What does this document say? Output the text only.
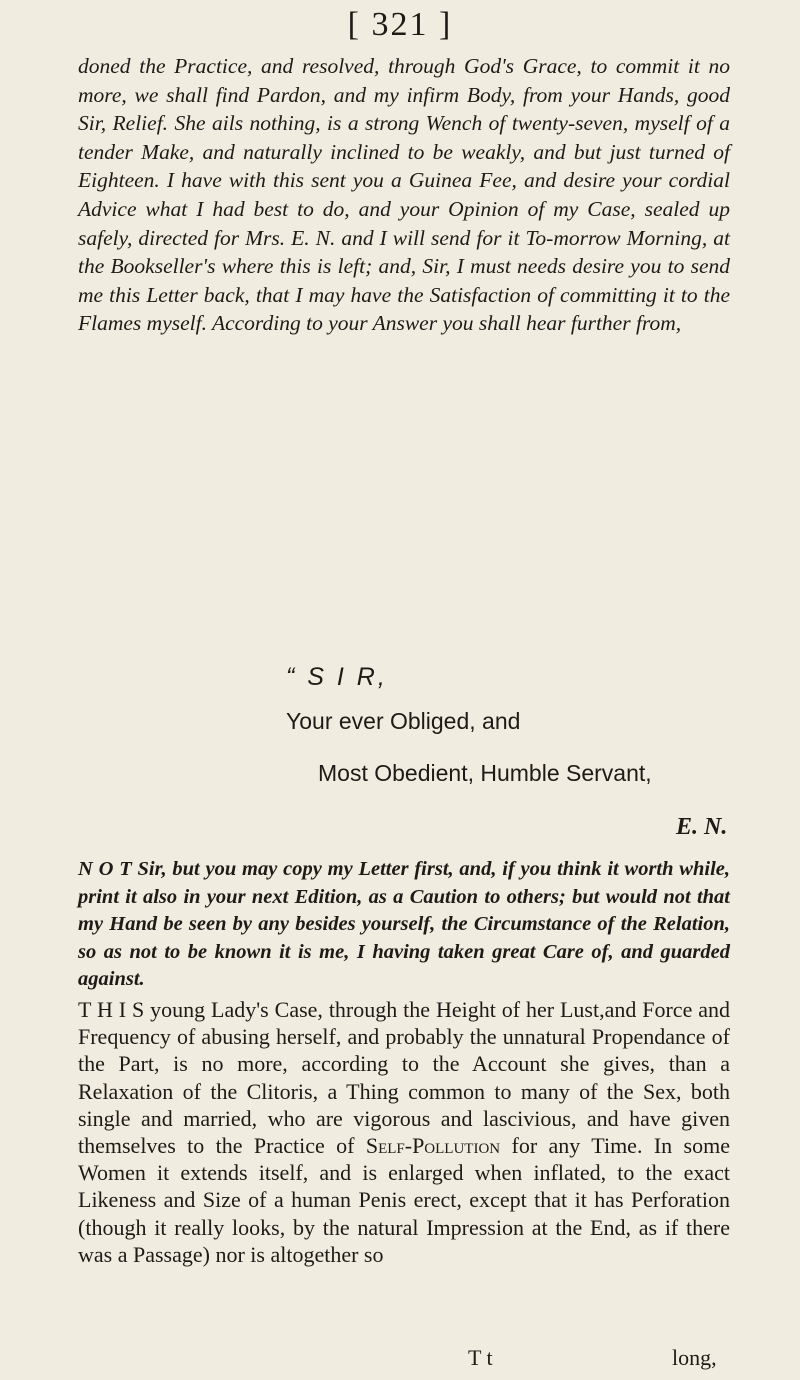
[ 321 ]

doned the Practice, and resolved, through God's Grace, to commit it no more, we shall find Pardon, and my infirm Body, from your Hands, good Sir, Relief. She ails nothing, is a strong Wench of twenty-seven, myself of a tender Make, and naturally inclined to be weakly, and but just turned of Eighteen. I have with this sent you a Guinea Fee, and desire your cordial Advice what I had best to do, and your Opinion of my Case, sealed up safely, directed for Mrs. E. N. and I will send for it To-morrow Morning, at the Bookseller's where this is left; and, Sir, I must needs desire you to send me this Letter back, that I may have the Satisfaction of committing it to the Flames myself. According to your Answer you shall hear further from,

“ S I R,
Your ever Obliged, and
Most Obedient, Humble Servant,
E. N.

N O T Sir, but you may copy my Letter first, and, if you think it worth while, print it also in your next Edition, as a Caution to others; but would not that my Hand be seen by any besides yourself, the Circumstance of the Relation, so as not to be known it is me, I having taken great Care of, and guarded against.

T H I S young Lady's Case, through the Height of her Lust,and Force and Frequency of abusing herself, and probably the unnatural Propendance of the Part, is no more, according to the Account she gives, than a Relaxation of the Clitoris, a Thing common to many of the Sex, both single and married, who are vigorous and lascivious, and have given themselves to the Practice of Self-Pollution for any Time. In some Women it extends itself, and is enlarged when inflated, to the exact Likeness and Size of a human Penis erect, except that it has Perforation (though it really looks, by the natural Impression at the End, as if there was a Passage) nor is altogether so

T t	long,
